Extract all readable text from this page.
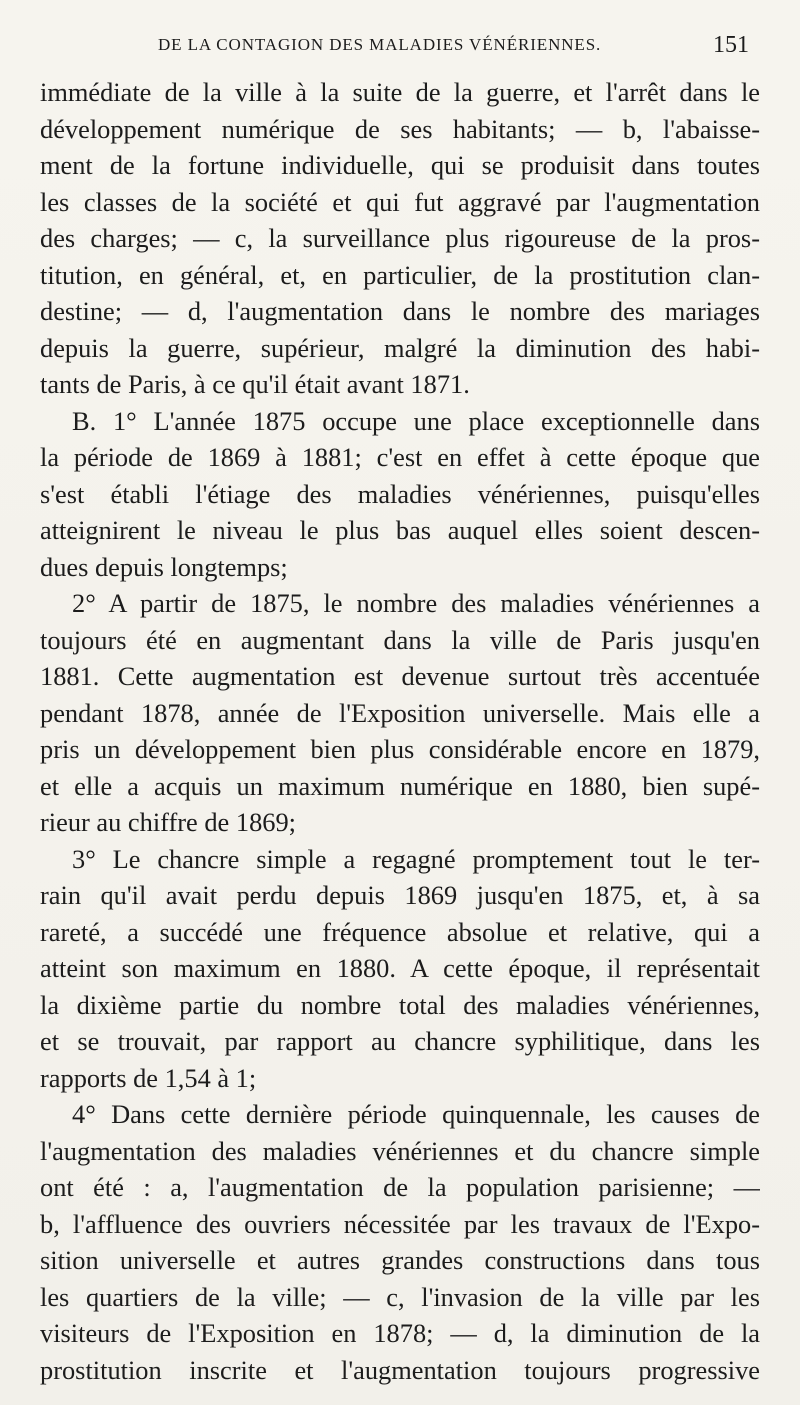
DE LA CONTAGION DES MALADIES VÉNÉRIENNES.	151
immédiate de la ville à la suite de la guerre, et l'arrêt dans le
développement numérique de ses habitants; — b, l'abaisse-
ment de la fortune individuelle, qui se produisit dans toutes
les classes de la société et qui fut aggravé par l'augmentation
des charges; — c, la surveillance plus rigoureuse de la pros-
titution, en général, et, en particulier, de la prostitution clan-
destine; — d, l'augmentation dans le nombre des mariages
depuis la guerre, supérieur, malgré la diminution des habi-
tants de Paris, à ce qu'il était avant 1871.
B. 1° L'année 1875 occupe une place exceptionnelle dans
la période de 1869 à 1881; c'est en effet à cette époque que
s'est établi l'étiage des maladies vénériennes, puisqu'elles
atteignirent le niveau le plus bas auquel elles soient descen-
dues depuis longtemps;
2° A partir de 1875, le nombre des maladies vénériennes a
toujours été en augmentant dans la ville de Paris jusqu'en
1881. Cette augmentation est devenue surtout très accentuée
pendant 1878, année de l'Exposition universelle. Mais elle a
pris un développement bien plus considérable encore en 1879,
et elle a acquis un maximum numérique en 1880, bien supé-
rieur au chiffre de 1869;
3° Le chancre simple a regagné promptement tout le ter-
rain qu'il avait perdu depuis 1869 jusqu'en 1875, et, à sa
rareté, a succédé une fréquence absolue et relative, qui a
atteint son maximum en 1880. A cette époque, il représentait
la dixième partie du nombre total des maladies vénériennes,
et se trouvait, par rapport au chancre syphilitique, dans les
rapports de 1,54 à 1;
4° Dans cette dernière période quinquennale, les causes de
l'augmentation des maladies vénériennes et du chancre simple
ont été : a, l'augmentation de la population parisienne; —
b, l'affluence des ouvriers nécessitée par les travaux de l'Expo-
sition universelle et autres grandes constructions dans tous
les quartiers de la ville; — c, l'invasion de la ville par les
visiteurs de l'Exposition en 1878; — d, la diminution de la
prostitution inscrite et l'augmentation toujours progressive
